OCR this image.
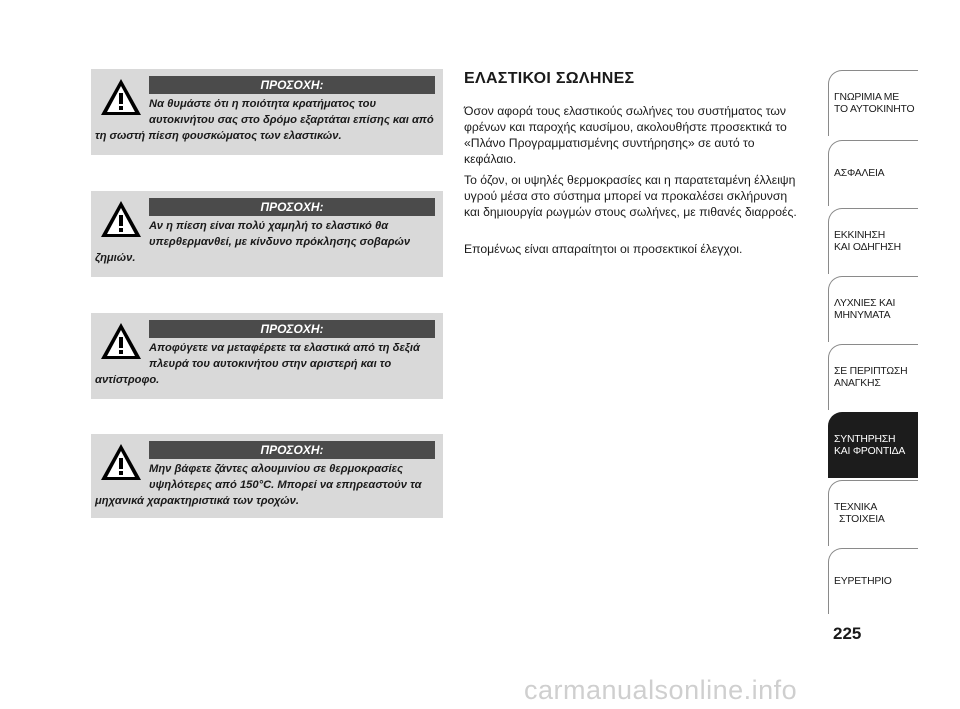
ΠΡΟΣΟΧΗ:
Να θυμάστε ότι η ποιότητα κρατήματος του αυτοκινήτου σας στο δρόμο εξαρτάται επίσης και από τη σωστή πίεση φουσκώματος των ελαστικών.
ΠΡΟΣΟΧΗ:
Αν η πίεση είναι πολύ χαμηλή το ελαστικό θα υπερθερμανθεί, με κίνδυνο πρόκλησης σοβαρών ζημιών.
ΠΡΟΣΟΧΗ:
Αποφύγετε να μεταφέρετε τα ελαστικά από τη δεξιά πλευρά του αυτοκινήτου στην αριστερή και το αντίστροφο.
ΠΡΟΣΟΧΗ:
Μην βάφετε ζάντες αλουμινίου σε θερμοκρασίες υψηλότερες από 150°C. Μπορεί να επηρεαστούν τα μηχανικά χαρακτηριστικά των τροχών.
ΕΛΑΣΤΙΚΟΙ ΣΩΛΗΝΕΣ

Όσον αφορά τους ελαστικούς σωλήνες του συστήματος των φρένων και παροχής καυσίμου, ακολουθήστε προσεκτικά το «Πλάνο Προγραμματισμένης συντήρησης» σε αυτό το κεφάλαιο.

Το όζον, οι υψηλές θερμοκρασίες και η παρατεταμένη έλλειψη υγρού μέσα στο σύστημα μπορεί να προκαλέσει σκλήρυνση και δημιουργία ρωγμών στους σωλήνες, με πιθανές διαρροές.

Επομένως είναι απαραίτητοι οι προσεκτικοί έλεγχοι.

ΓΝΩΡΙΜΙΑ ΜΕ
ΤΟ ΑΥΤΟΚΙΝΗΤΟ
ΑΣΦΑΛΕΙΑ
ΕΚΚΙΝΗΣΗ
ΚΑΙ ΟΔΗΓΗΣΗ
ΛΥΧΝΙΕΣ ΚΑΙ
ΜΗΝΥΜΑΤΑ
ΣΕ ΠΕΡΙΠΤΩΣΗ
ΑΝΑΓΚΗΣ
ΣΥΝΤΗΡΗΣΗ
ΚΑΙ ΦΡΟΝΤΙΔΑ
ΤΕΧΝΙΚΑ
ΣΤΟΙΧΕΙΑ
ΕΥΡΕΤΗΡΙΟ
225
carmanualsonline.info
